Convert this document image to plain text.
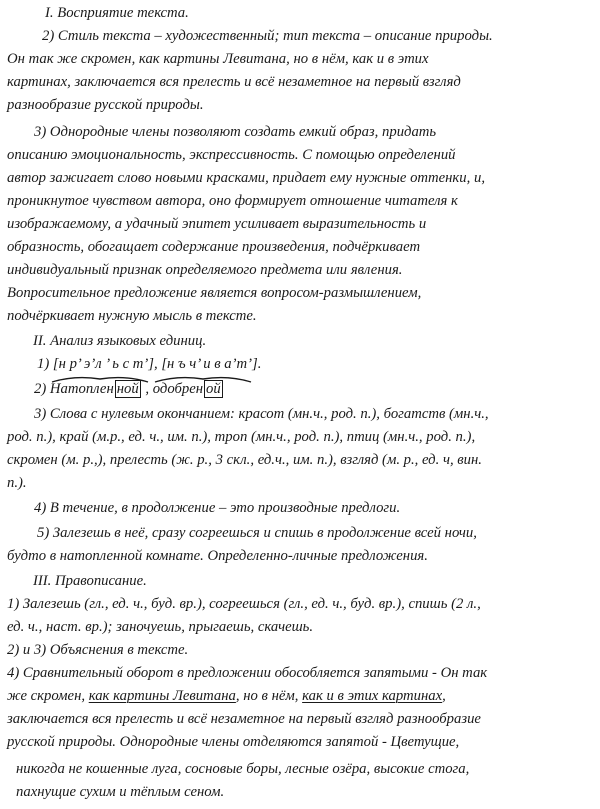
I. Восприятие текста.
2) Стиль текста – художественный; тип текста – описание природы.
Он так же скромен, как картины Левитана, но в нём, как и в этих
картинах, заключается вся прелесть и всё незаметное на первый взгляд
разнообразие русской природы.
3) Однородные члены позволяют создать емкий образ, придать
описанию эмоциональность, экспрессивность. С помощью определений
автор зажигает слово новыми красками, придает ему нужные оттенки, и,
проникнутое чувством автора, оно формирует отношение читателя к
изображаемому, а удачный эпитет усиливает выразительность и
образность, обогащает содержание произведения, подчёркивает
индивидуальный признак определяемого предмета или явления.
Вопросительное предложение является вопросом-размышлением,
подчёркивает нужную мысль в тексте.
II. Анализ языковых единиц.
1) [н р’ э’л ’ ь с т’], [н ъ ч’ и в а’т’].
2) Натоплен ной , одобрен ой
3) Слова с нулевым окончанием: красот (мн.ч., род. п.), богатств (мн.ч.,
род. п.), край (м.р., ед. ч., им. п.), троп (мн.ч., род. п.), птиц (мн.ч., род. п.),
скромен (м. р.,), прелесть (ж. р., 3 скл., ед.ч., им. п.), взгляд (м. р., ед. ч, вин.
п.).
4) В течение, в продолжение – это производные предлоги.
5) Залезешь в неё, сразу согреешься и спишь в продолжение всей ночи,
будто в натопленной комнате. Определенно-личные предложения.
III. Правописание.
1) Залезешь (гл., ед. ч., буд. вр.), согреешься (гл., ед. ч., буд. вр.), спишь (2 л.,
ед. ч., наст. вр.); заночуешь, прыгаешь, скачешь.
2) и 3) Объяснения в тексте.
4) Сравнительный оборот в предложении обособляется запятыми - Он так
же скромен, как картины Левитана, но в нём, как и в этих картинах,
заключается вся прелесть и всё незаметное на первый взгляд разнообразие
русской природы. Однородные члены отделяются запятой - Цветущие,
никогда не кошенные луга, сосновые боры, лесные озёра, высокие стога,
пахнущие сухим и тёплым сеном.
